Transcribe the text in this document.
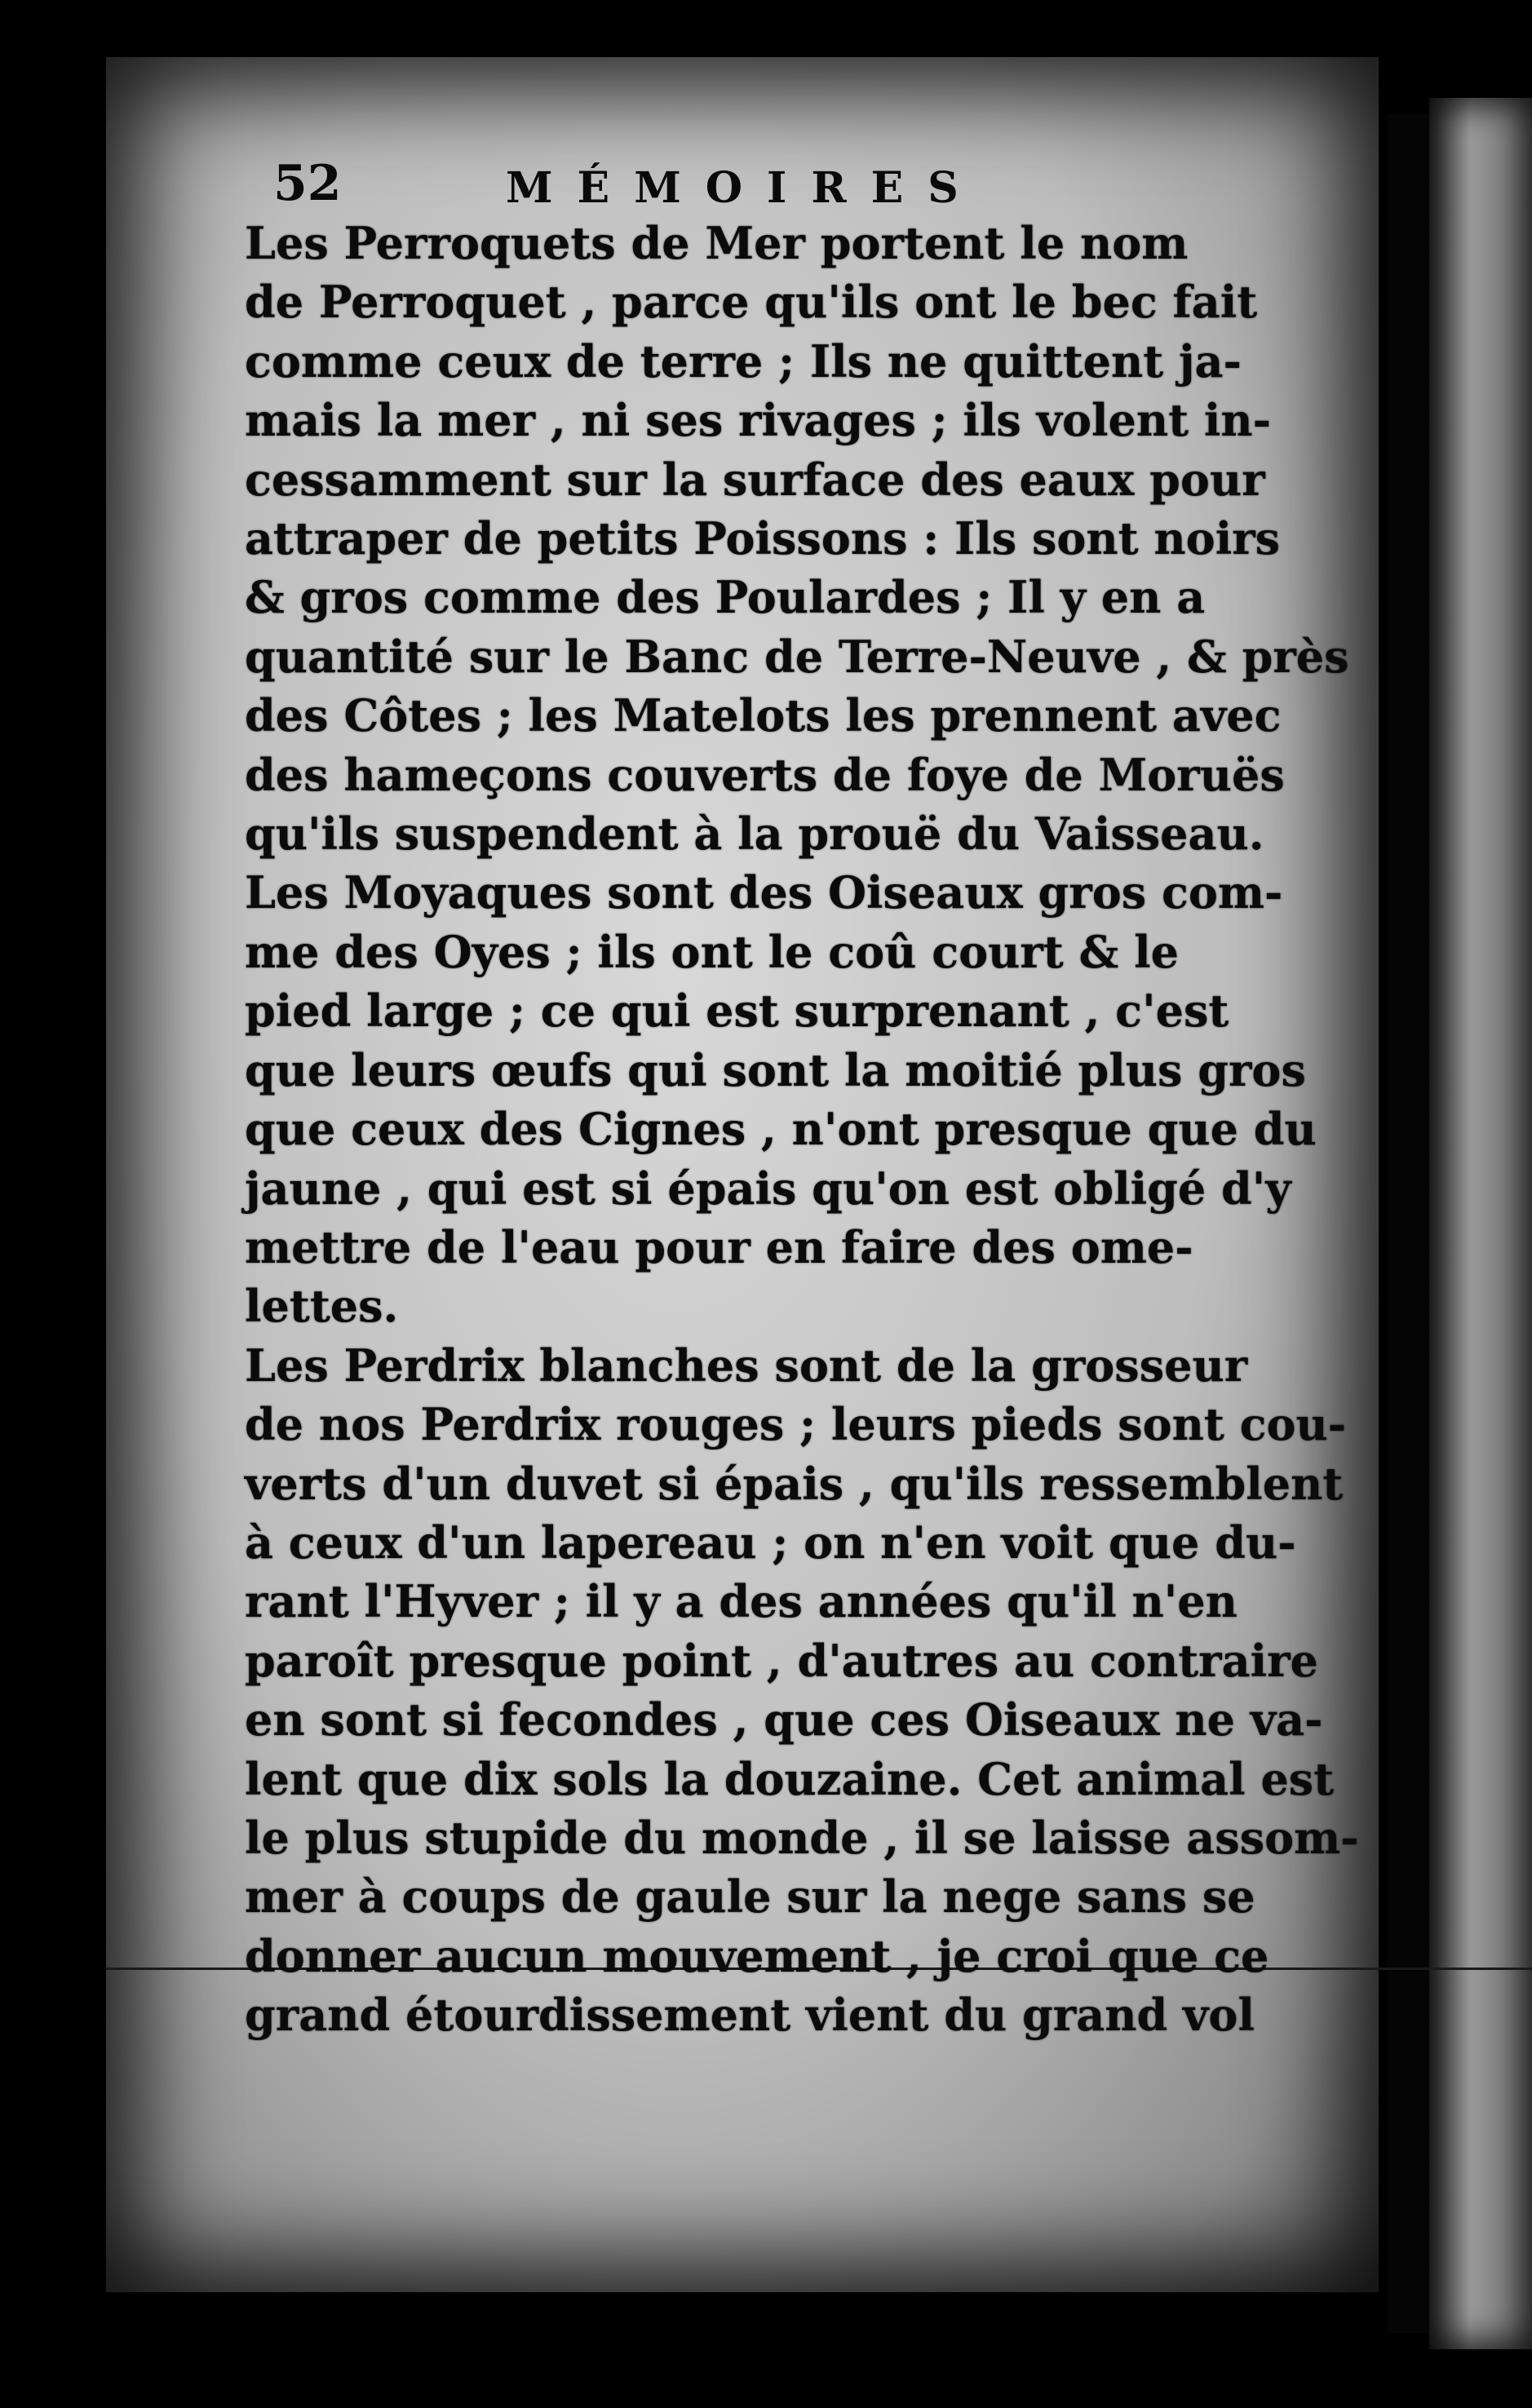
52	MÉMOIRES
Les Perroquets de Mer portent le nom
de Perroquet , parce qu'ils ont le bec fait
comme ceux de terre ; Ils ne quittent ja-
mais la mer , ni ses rivages ; ils volent in-
cessamment sur la surface des eaux pour
attraper de petits Poissons : Ils sont noirs
& gros comme des Poulardes ; Il y en a
quantité sur le Banc de Terre-Neuve , & près
des Côtes ; les Matelots les prennent avec
des hameçons couverts de foye de Moruës
qu'ils suspendent à la prouë du Vaisseau.
Les Moyaques sont des Oiseaux gros com-
me des Oyes ; ils ont le coû court & le
pied large ; ce qui est surprenant , c'est
que leurs œufs qui sont la moitié plus gros
que ceux des Cignes , n'ont presque que du
jaune , qui est si épais qu'on est obligé d'y
mettre de l'eau pour en faire des ome-
lettes.
Les Perdrix blanches sont de la grosseur
de nos Perdrix rouges ; leurs pieds sont cou-
verts d'un duvet si épais , qu'ils ressemblent
à ceux d'un lapereau ; on n'en voit que du-
rant l'Hyver ; il y a des années qu'il n'en
paroît presque point , d'autres au contraire
en sont si fecondes , que ces Oiseaux ne va-
lent que dix sols la douzaine. Cet animal est
le plus stupide du monde , il se laisse assom-
mer à coups de gaule sur la nege sans se
donner aucun mouvement , je croi que ce
grand étourdissement vient du grand vol
